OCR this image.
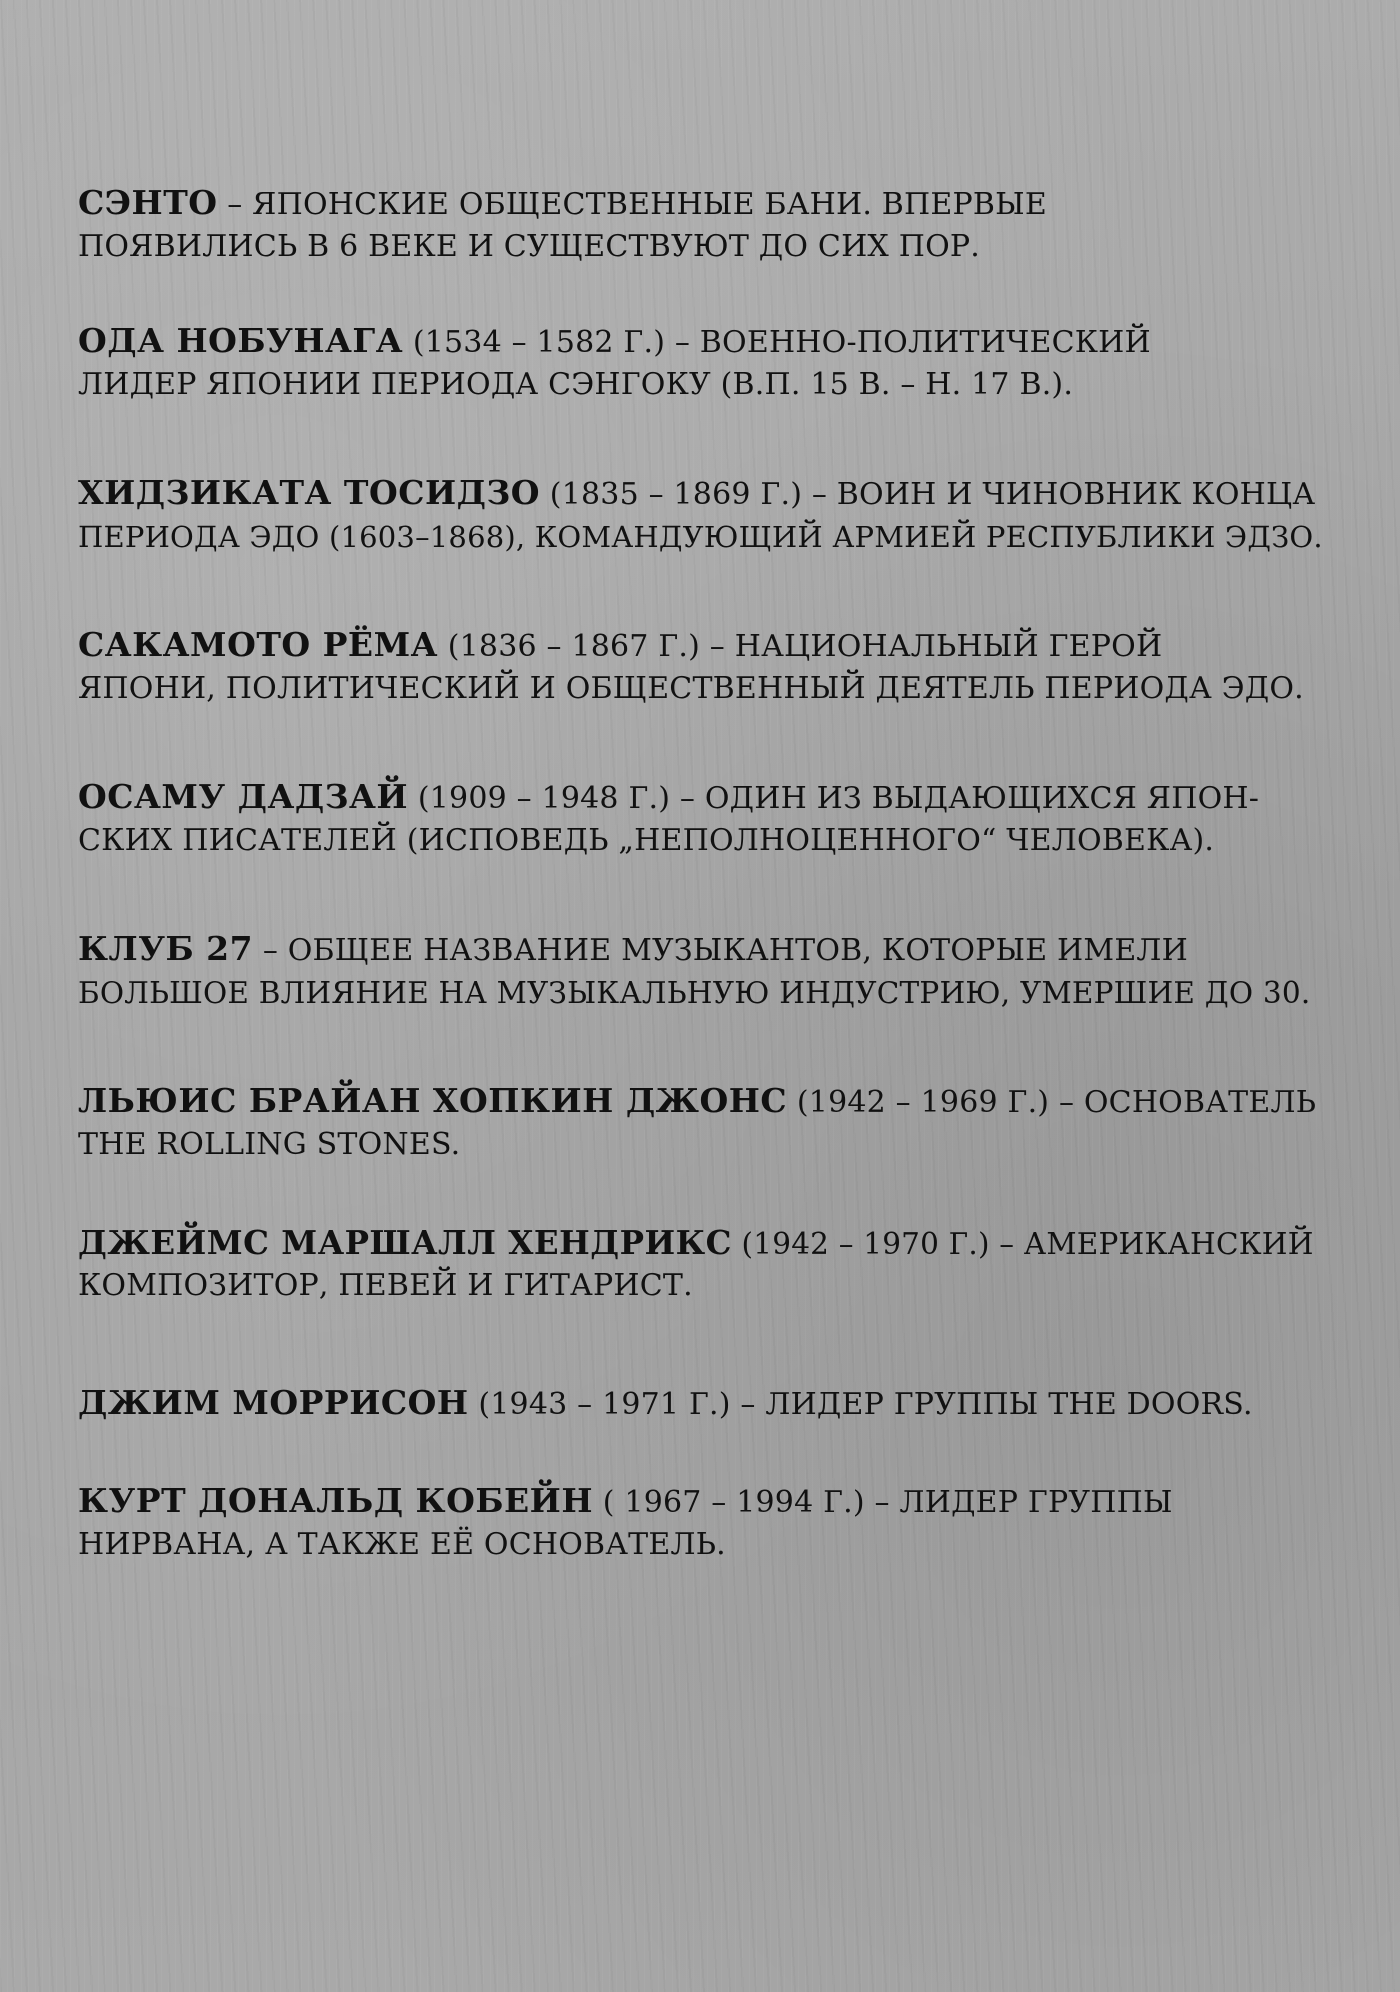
СЭНТО – ЯПОНСКИЕ ОБЩЕСТВЕННЫЕ БАНИ. ВПЕРВЫЕ
ПОЯВИЛИСЬ В 6 ВЕКЕ И СУЩЕСТВУЮТ ДО СИХ ПОР.
ОДА НОБУНАГА (1534 – 1582 Г.) – ВОЕННО-ПОЛИТИЧЕСКИЙ
ЛИДЕР ЯПОНИИ ПЕРИОДА СЭНГОКУ (В.П. 15 В. – Н. 17 В.).
ХИДЗИКАТА ТОСИДЗО (1835 – 1869 Г.) – ВОИН И ЧИНОВНИК КОНЦА
ПЕРИОДА ЭДО (1603–1868), КОМАНДУЮЩИЙ АРМИЕЙ РЕСПУБЛИКИ ЭДЗО.
САКАМОТО РЁМА (1836 – 1867 Г.) – НАЦИОНАЛЬНЫЙ ГЕРОЙ
ЯПОНИ, ПОЛИТИЧЕСКИЙ И ОБЩЕСТВЕННЫЙ ДЕЯТЕЛЬ ПЕРИОДА ЭДО.
ОСАМУ ДАДЗАЙ (1909 – 1948 Г.) – ОДИН ИЗ ВЫДАЮЩИХСЯ ЯПОН-
СКИХ ПИСАТЕЛЕЙ (ИСПОВЕДЬ „НЕПОЛНОЦЕННОГО“ ЧЕЛОВЕКА).
КЛУБ 27 – ОБЩЕЕ НАЗВАНИЕ МУЗЫКАНТОВ, КОТОРЫЕ ИМЕЛИ
БОЛЬШОЕ ВЛИЯНИЕ НА МУЗЫКАЛЬНУЮ ИНДУСТРИЮ, УМЕРШИЕ ДО 30.
ЛЬЮИС БРАЙАН ХОПКИН ДЖОНС (1942 – 1969 Г.) – ОСНОВАТЕЛЬ
THE ROLLING STONES.
ДЖЕЙМС МАРШАЛЛ ХЕНДРИКС (1942 – 1970 Г.) – АМЕРИКАНСКИЙ
КОМПОЗИТОР, ПЕВЕЙ И ГИТАРИСТ.
ДЖИМ МОРРИСОН (1943 – 1971 Г.) – ЛИДЕР ГРУППЫ THE DOORS.
КУРТ ДОНАЛЬД КОБЕЙН ( 1967 – 1994 Г.) – ЛИДЕР ГРУППЫ
НИРВАНА, А ТАКЖЕ ЕЁ ОСНОВАТЕЛЬ.
